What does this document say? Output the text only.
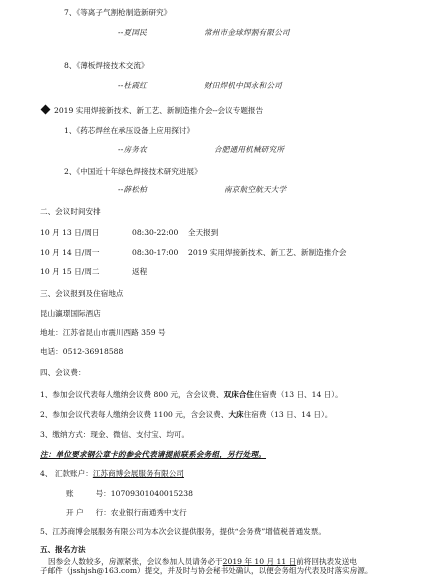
7、《等离子气割枪制造新研究》
--夏国民	常州市金球焊割有限公司
8、《薄板焊接技术交流》
--杜霞红	财田焊机中国永和公司
2019 实用焊接新技术、新工艺、新制造推介会--会议专题报告
1、《药芯焊丝在承压设备上应用探讨》
--房务农	合肥通用机械研究所
2、《中国近十年绿色焊接技术研究进展》
--薛松柏	南京航空航天大学
二、会议时间安排
10 月 13 日/周日	08:30-22:00 全天报到
10 月 14 日/周一	08:30-17:00 2019 实用焊接新技术、新工艺、新制造推介会
10 月 15 日/周二	返程
三、会议报到及住宿地点
昆山瀛璟国际酒店
地址：江苏省昆山市震川西路 359 号
电话：0512-36918588
四、会议费：
1、参加会议代表每人缴纳会议费 800 元，含会议费、双床合住住宿费（13 日、14 日）。
2、参加会议代表每人缴纳会议费 1100 元，含会议费、大床住宿费（13 日、14 日）。
3、缴纳方式：现金、微信、支付宝、均可。
注：单位要求钢公章卡的参会代表请提前联系会务组，另行处理。
4、 汇款账户：江苏商博会展服务有限公司
账	号：10709301040015238
开 户 行：农业银行南通秀中支行
5、江苏商博会展服务有限公司为本次会议提供服务，提供“会务费”增值税普通发票。
五、报名方法
因参会人数较多，房源紧张，会议参加人员请务必于2019 年 10 月 11 日前将回执表发送电
子邮件（jsshjsh@163.com）提交，并及时与协会秘书处确认，以便会务组为代表及时落实房源。
